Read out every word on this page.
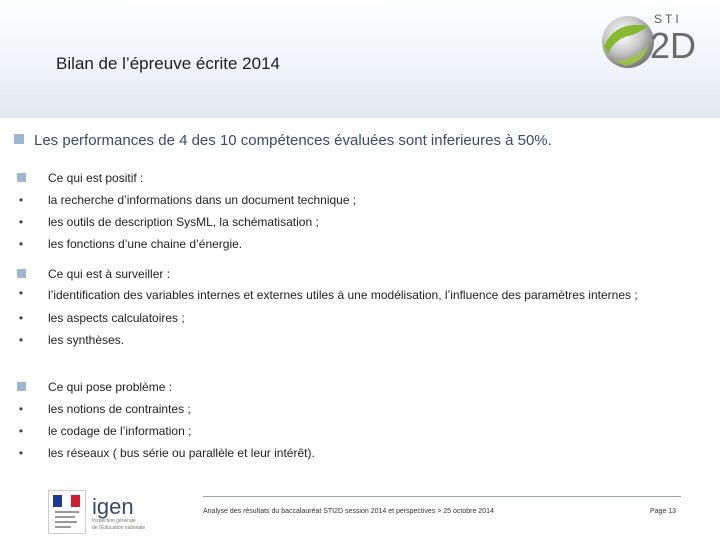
Bilan de l’épreuve écrite 2014
STI
2D
Les performances de 4 des 10 compétences évaluées sont inferieures à 50%.
Ce qui est positif :
•	la recherche d’informations dans un document technique ;
•	les outils de description SysML, la schématisation ;
•	les fonctions d’une chaine d’énergie.
Ce qui est à surveiller :
•	l’identification des variables internes et externes utiles à une modélisation, l’influence des paramètres internes ;
•	les aspects calculatoires ;
•	les synthèses.
Ce qui pose problème :
•	les notions de contraintes ;
•	le codage de l’information ;
•	les réseaux ( bus série ou parallèle et leur intérêt).
igen
Inspection générale
de l’Éducation nationale
Analyse des résultats du baccalauréat STI2D session 2014 et perspectives > 25 octobre 2014	Page 13
